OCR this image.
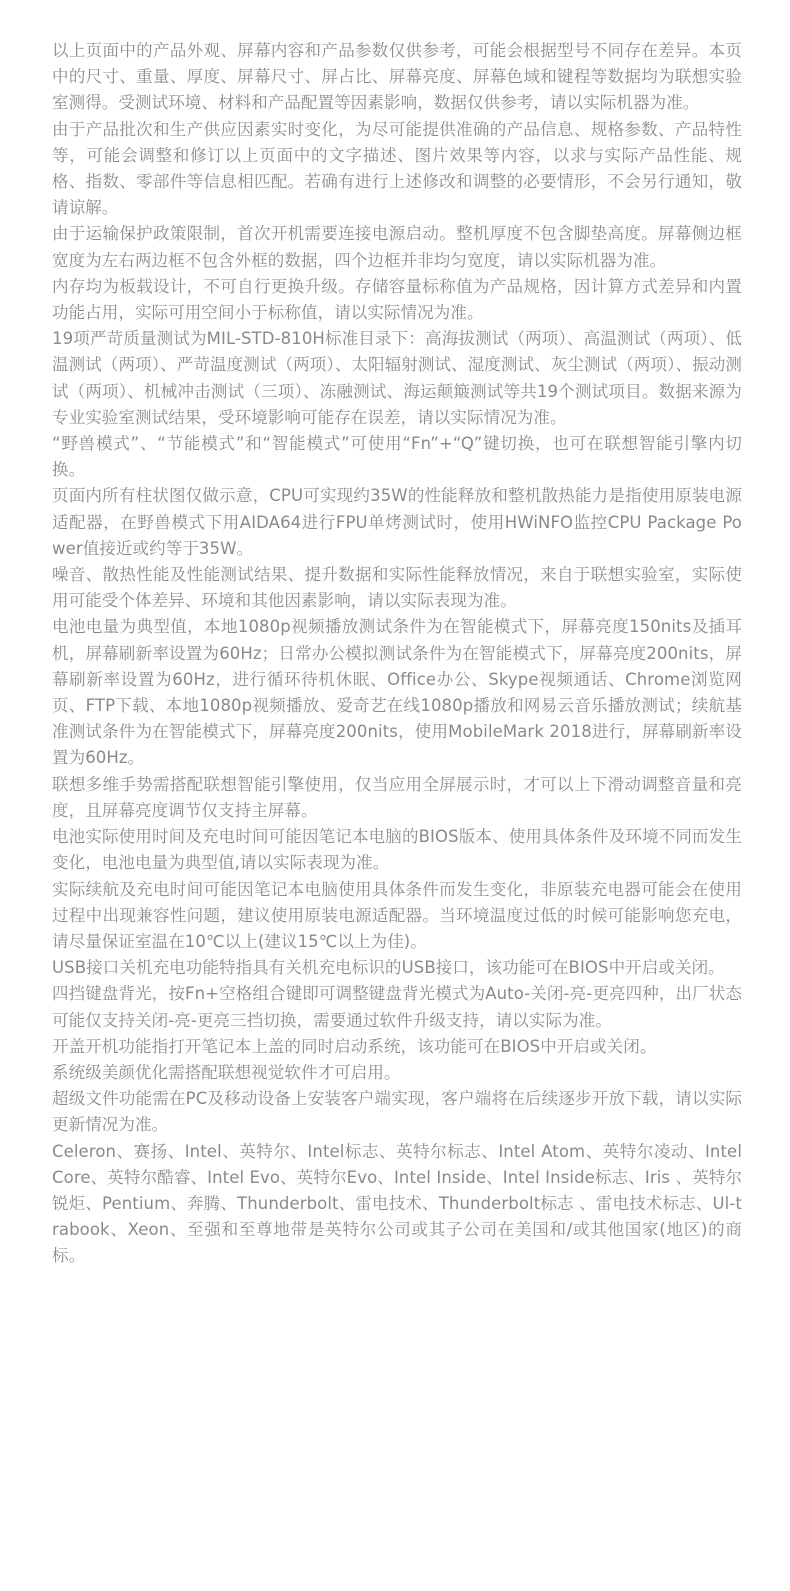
以上页面中的产品外观、屏幕内容和产品参数仅供参考，可能会根据型号不同存在差异。本页中的尺寸、重量、厚度、屏幕尺寸、屏占比、屏幕亮度、屏幕色域和键程等数据均为联想实验室测得。受测试环境、材料和产品配置等因素影响，数据仅供参考，请以实际机器为准。

由于产品批次和生产供应因素实时变化，为尽可能提供准确的产品信息、规格参数、产品特性等，可能会调整和修订以上页面中的文字描述、图片效果等内容，以求与实际产品性能、规格、指数、零部件等信息相匹配。若确有进行上述修改和调整的必要情形，不会另行通知，敬请谅解。

由于运输保护政策限制，首次开机需要连接电源启动。整机厚度不包含脚垫高度。屏幕侧边框宽度为左右两边框不包含外框的数据，四个边框并非均匀宽度，请以实际机器为准。

内存均为板载设计，不可自行更换升级。存储容量标称值为产品规格，因计算方式差异和内置功能占用，实际可用空间小于标称值，请以实际情况为准。

19项严苛质量测试为MIL-STD-810H标准目录下：高海拔测试（两项）、高温测试（两项）、低温测试（两项）、严苛温度测试（两项）、太阳辐射测试、湿度测试、灰尘测试（两项）、振动测试（两项）、机械冲击测试（三项）、冻融测试、海运颠簸测试等共19个测试项目。数据来源为专业实验室测试结果，受环境影响可能存在误差，请以实际情况为准。

“野兽模式”、“节能模式”和“智能模式”可使用“Fn”+“Q”键切换，也可在联想智能引擎内切换。

页面内所有柱状图仅做示意，CPU可实现约35W的性能释放和整机散热能力是指使用原装电源适配器，在野兽模式下用AIDA64进行FPU单烤测试时，使用HWiNFO监控CPU Package Power值接近或约等于35W。

噪音、散热性能及性能测试结果、提升数据和实际性能释放情况，来自于联想实验室，实际使用可能受个体差异、环境和其他因素影响，请以实际表现为准。

电池电量为典型值，本地1080p视频播放测试条件为在智能模式下，屏幕亮度150nits及插耳机，屏幕刷新率设置为60Hz；日常办公模拟测试条件为在智能模式下，屏幕亮度200nits，屏幕刷新率设置为60Hz，进行循环待机休眠、Office办公、Skype视频通话、Chrome浏览网页、FTP下载、本地1080p视频播放、爱奇艺在线1080p播放和网易云音乐播放测试；续航基准测试条件为在智能模式下，屏幕亮度200nits，使用MobileMark 2018进行，屏幕刷新率设置为60Hz。

联想多维手势需搭配联想智能引擎使用，仅当应用全屏展示时，才可以上下滑动调整音量和亮度，且屏幕亮度调节仅支持主屏幕。

电池实际使用时间及充电时间可能因笔记本电脑的BIOS版本、使用具体条件及环境不同而发生变化，电池电量为典型值,请以实际表现为准。

实际续航及充电时间可能因笔记本电脑使用具体条件而发生变化，非原装充电器可能会在使用过程中出现兼容性问题，建议使用原装电源适配器。当环境温度过低的时候可能影响您充电，请尽量保证室温在10℃以上(建议15℃以上为佳)。

USB接口关机充电功能特指具有关机充电标识的USB接口，该功能可在BIOS中开启或关闭。

四挡键盘背光，按Fn+空格组合键即可调整键盘背光模式为Auto-关闭-亮-更亮四种，出厂状态可能仅支持关闭-亮-更亮三挡切换，需要通过软件升级支持，请以实际为准。

开盖开机功能指打开笔记本上盖的同时启动系统，该功能可在BIOS中开启或关闭。

系统级美颜优化需搭配联想视觉软件才可启用。

超级文件功能需在PC及移动设备上安装客户端实现，客户端将在后续逐步开放下载，请以实际更新情况为准。

Celeron、赛扬、Intel、英特尔、Intel标志、英特尔标志、Intel Atom、英特尔凌动、Intel Core、英特尔酷睿、Intel Evo、英特尔Evo、Intel Inside、Intel Inside标志、Iris 、英特尔锐炬、Pentium、奔腾、Thunderbolt、雷电技术、Thunderbolt标志 、雷电技术标志、Ul-trabook、Xeon、至强和至尊地带是英特尔公司或其子公司在美国和/或其他国家(地区)的商标。
